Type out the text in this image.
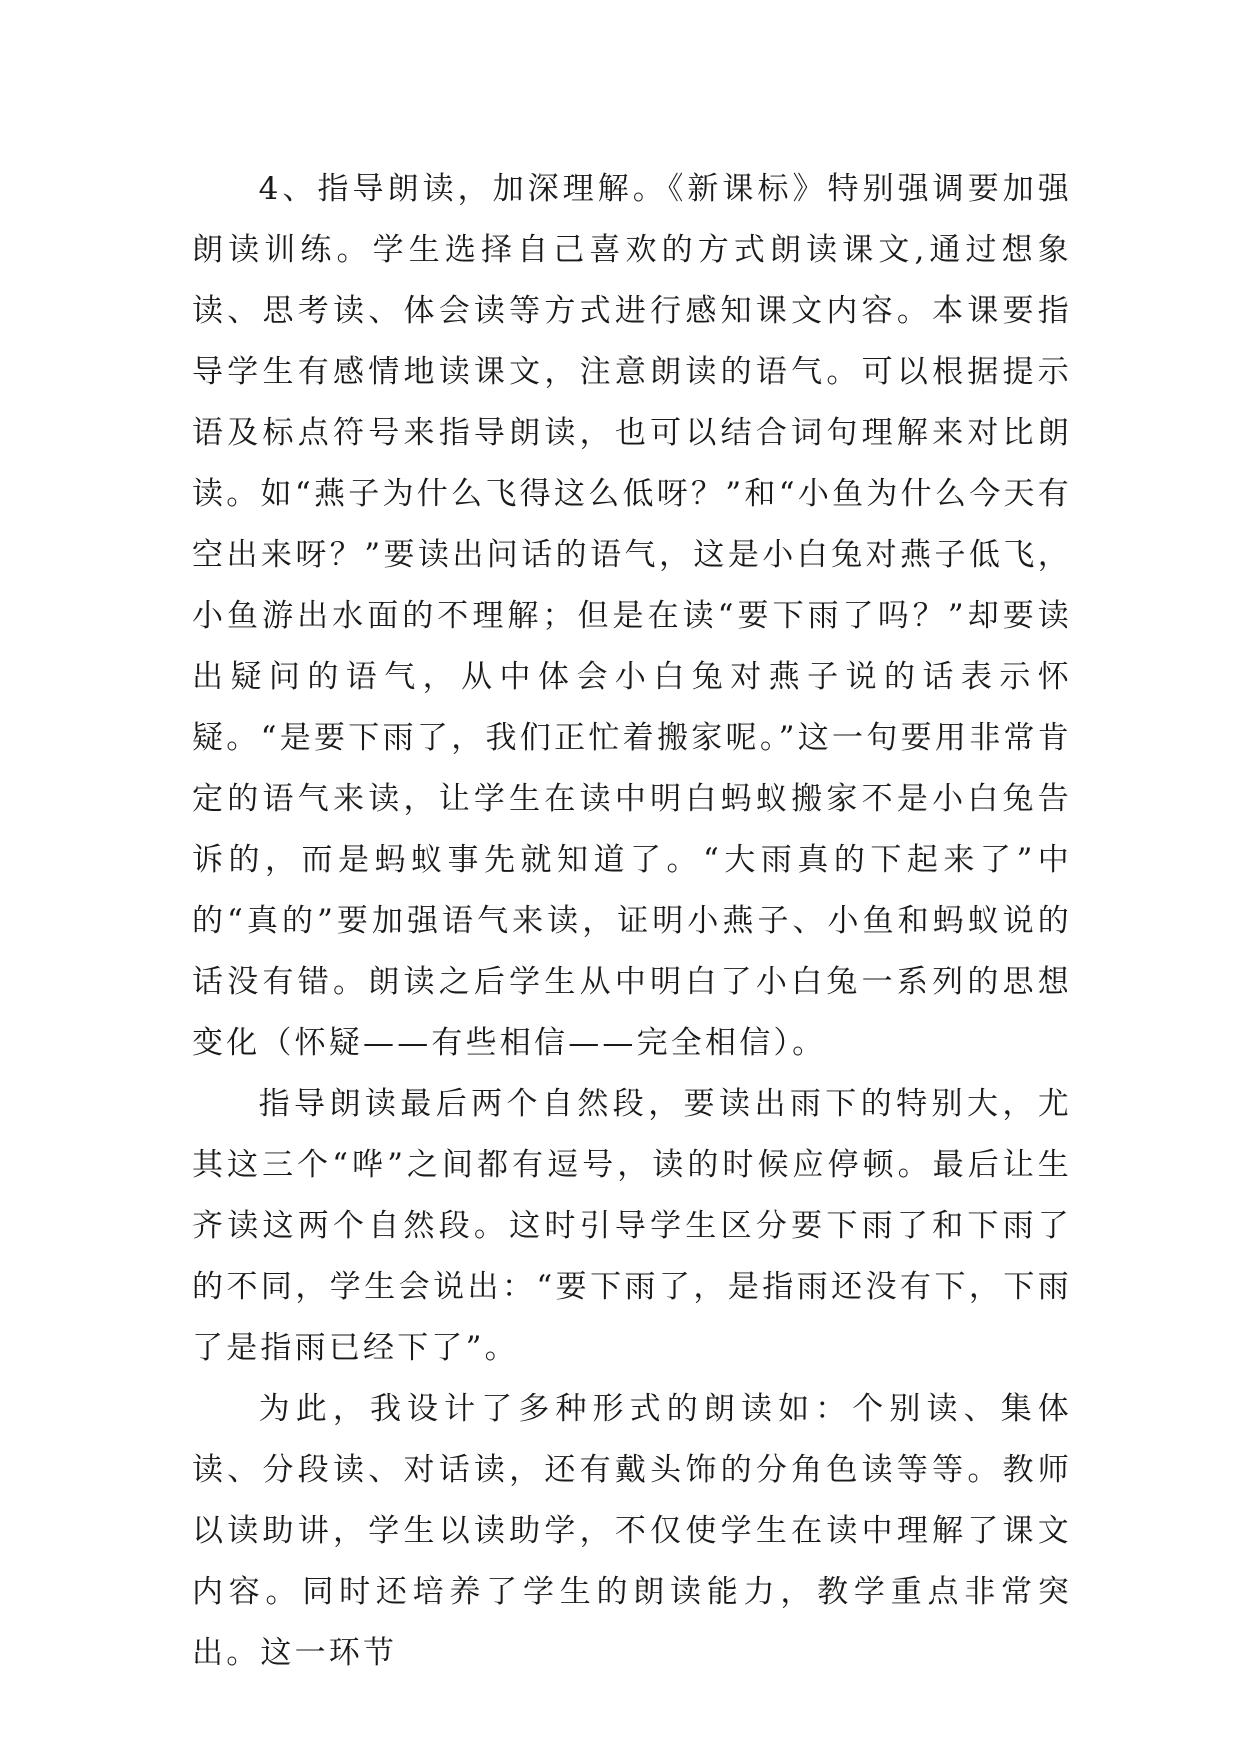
4、指导朗读，加深理解。《新课标》特别强调要加强朗读训练。学生选择自己喜欢的方式朗读课文,通过想象读、思考读、体会读等方式进行感知课文内容。本课要指导学生有感情地读课文，注意朗读的语气。可以根据提示语及标点符号来指导朗读，也可以结合词句理解来对比朗读。如“燕子为什么飞得这么低呀？”和“小鱼为什么今天有空出来呀？”要读出问话的语气，这是小白兔对燕子低飞，小鱼游出水面的不理解；但是在读“要下雨了吗？”却要读出疑问的语气，从中体会小白兔对燕子说的话表示怀疑。“是要下雨了，我们正忙着搬家呢。”这一句要用非常肯定的语气来读，让学生在读中明白蚂蚁搬家不是小白兔告诉的，而是蚂蚁事先就知道了。“大雨真的下起来了”中的“真的”要加强语气来读，证明小燕子、小鱼和蚂蚁说的话没有错。朗读之后学生从中明白了小白兔一系列的思想变化（怀疑——有些相信——完全相信）。

指导朗读最后两个自然段，要读出雨下的特别大，尤其这三个“哗”之间都有逗号，读的时候应停顿。最后让生齐读这两个自然段。这时引导学生区分要下雨了和下雨了的不同，学生会说出：“要下雨了，是指雨还没有下，下雨了是指雨已经下了”。

为此，我设计了多种形式的朗读如：个别读、集体读、分段读、对话读，还有戴头饰的分角色读等等。教师以读助讲，学生以读助学，不仅使学生在读中理解了课文内容。同时还培养了学生的朗读能力，教学重点非常突出。这一环节
